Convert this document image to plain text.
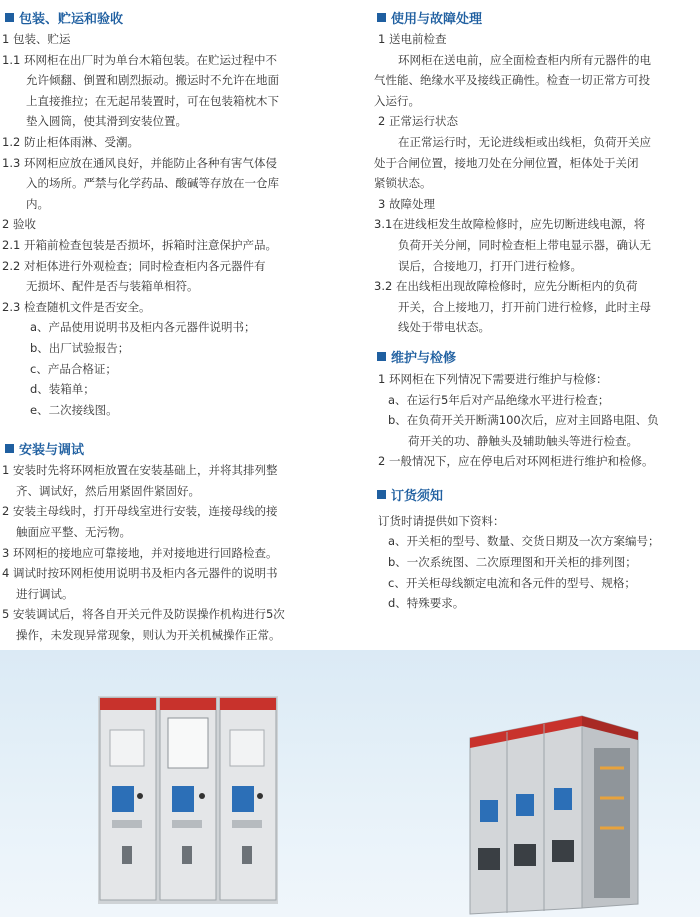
包装、贮运和验收
1 包装、贮运
1.1 环网柜在出厂时为单台木箱包装。在贮运过程中不
允许倾翻、倒置和剧烈振动。搬运时不允许在地面
上直接推拉；在无起吊装置时，可在包装箱枕木下
垫入圆筒，使其滑到安装位置。
1.2 防止柜体雨淋、受潮。
1.3 环网柜应放在通风良好，并能防止各种有害气体侵
入的场所。严禁与化学药品、酸碱等存放在一仓库
内。
2 验收
2.1 开箱前检查包装是否损坏，拆箱时注意保护产品。
2.2 对柜体进行外观检查；同时检查柜内各元器件有
无损坏、配件是否与装箱单相符。
2.3 检查随机文件是否安全。
a、产品使用说明书及柜内各元器件说明书；
b、出厂试验报告；
c、产品合格证；
d、装箱单；
e、二次接线图。
安装与调试
1 安装时先将环网柜放置在安装基础上，并将其排列整
齐、调试好，然后用紧固件紧固好。
2 安装主母线时，打开母线室进行安装，连接母线的接
触面应平整、无污物。
3 环网柜的接地应可靠接地，并对接地进行回路检查。
4 调试时按环网柜使用说明书及柜内各元器件的说明书
进行调试。
5 安装调试后，将各自开关元件及防误操作机构进行5次
操作，未发现异常现象，则认为开关机械操作正常。
使用与故障处理
1 送电前检查
环网柜在送电前，应全面检查柜内所有元器件的电
气性能、绝缘水平及接线正确性。检查一切正常方可投
入运行。
2 正常运行状态
在正常运行时，无论进线柜或出线柜，负荷开关应
处于合闸位置，接地刀处在分闸位置，柜体处于关闭
紧锁状态。
3 故障处理
3.1在进线柜发生故障检修时，应先切断进线电源，将
负荷开关分闸，同时检查柜上带电显示器，确认无
误后，合接地刀，打开门进行检修。
3.2 在出线柜出现故障检修时，应先分断柜内的负荷
开关，合上接地刀，打开前门进行检修，此时主母
线处于带电状态。
维护与检修
1 环网柜在下列情况下需要进行维护与检修：
a、在运行5年后对产品绝缘水平进行检查；
b、在负荷开关开断满100次后，应对主回路电阻、负
荷开关的功、静触头及辅助触头等进行检查。
2 一般情况下，应在停电后对环网柜进行维护和检修。
订货须知
订货时请提供如下资料：
a、开关柜的型号、数量、交货日期及一次方案编号；
b、一次系统图、二次原理图和开关柜的排列图；
c、开关柜母线额定电流和各元件的型号、规格；
d、特殊要求。
